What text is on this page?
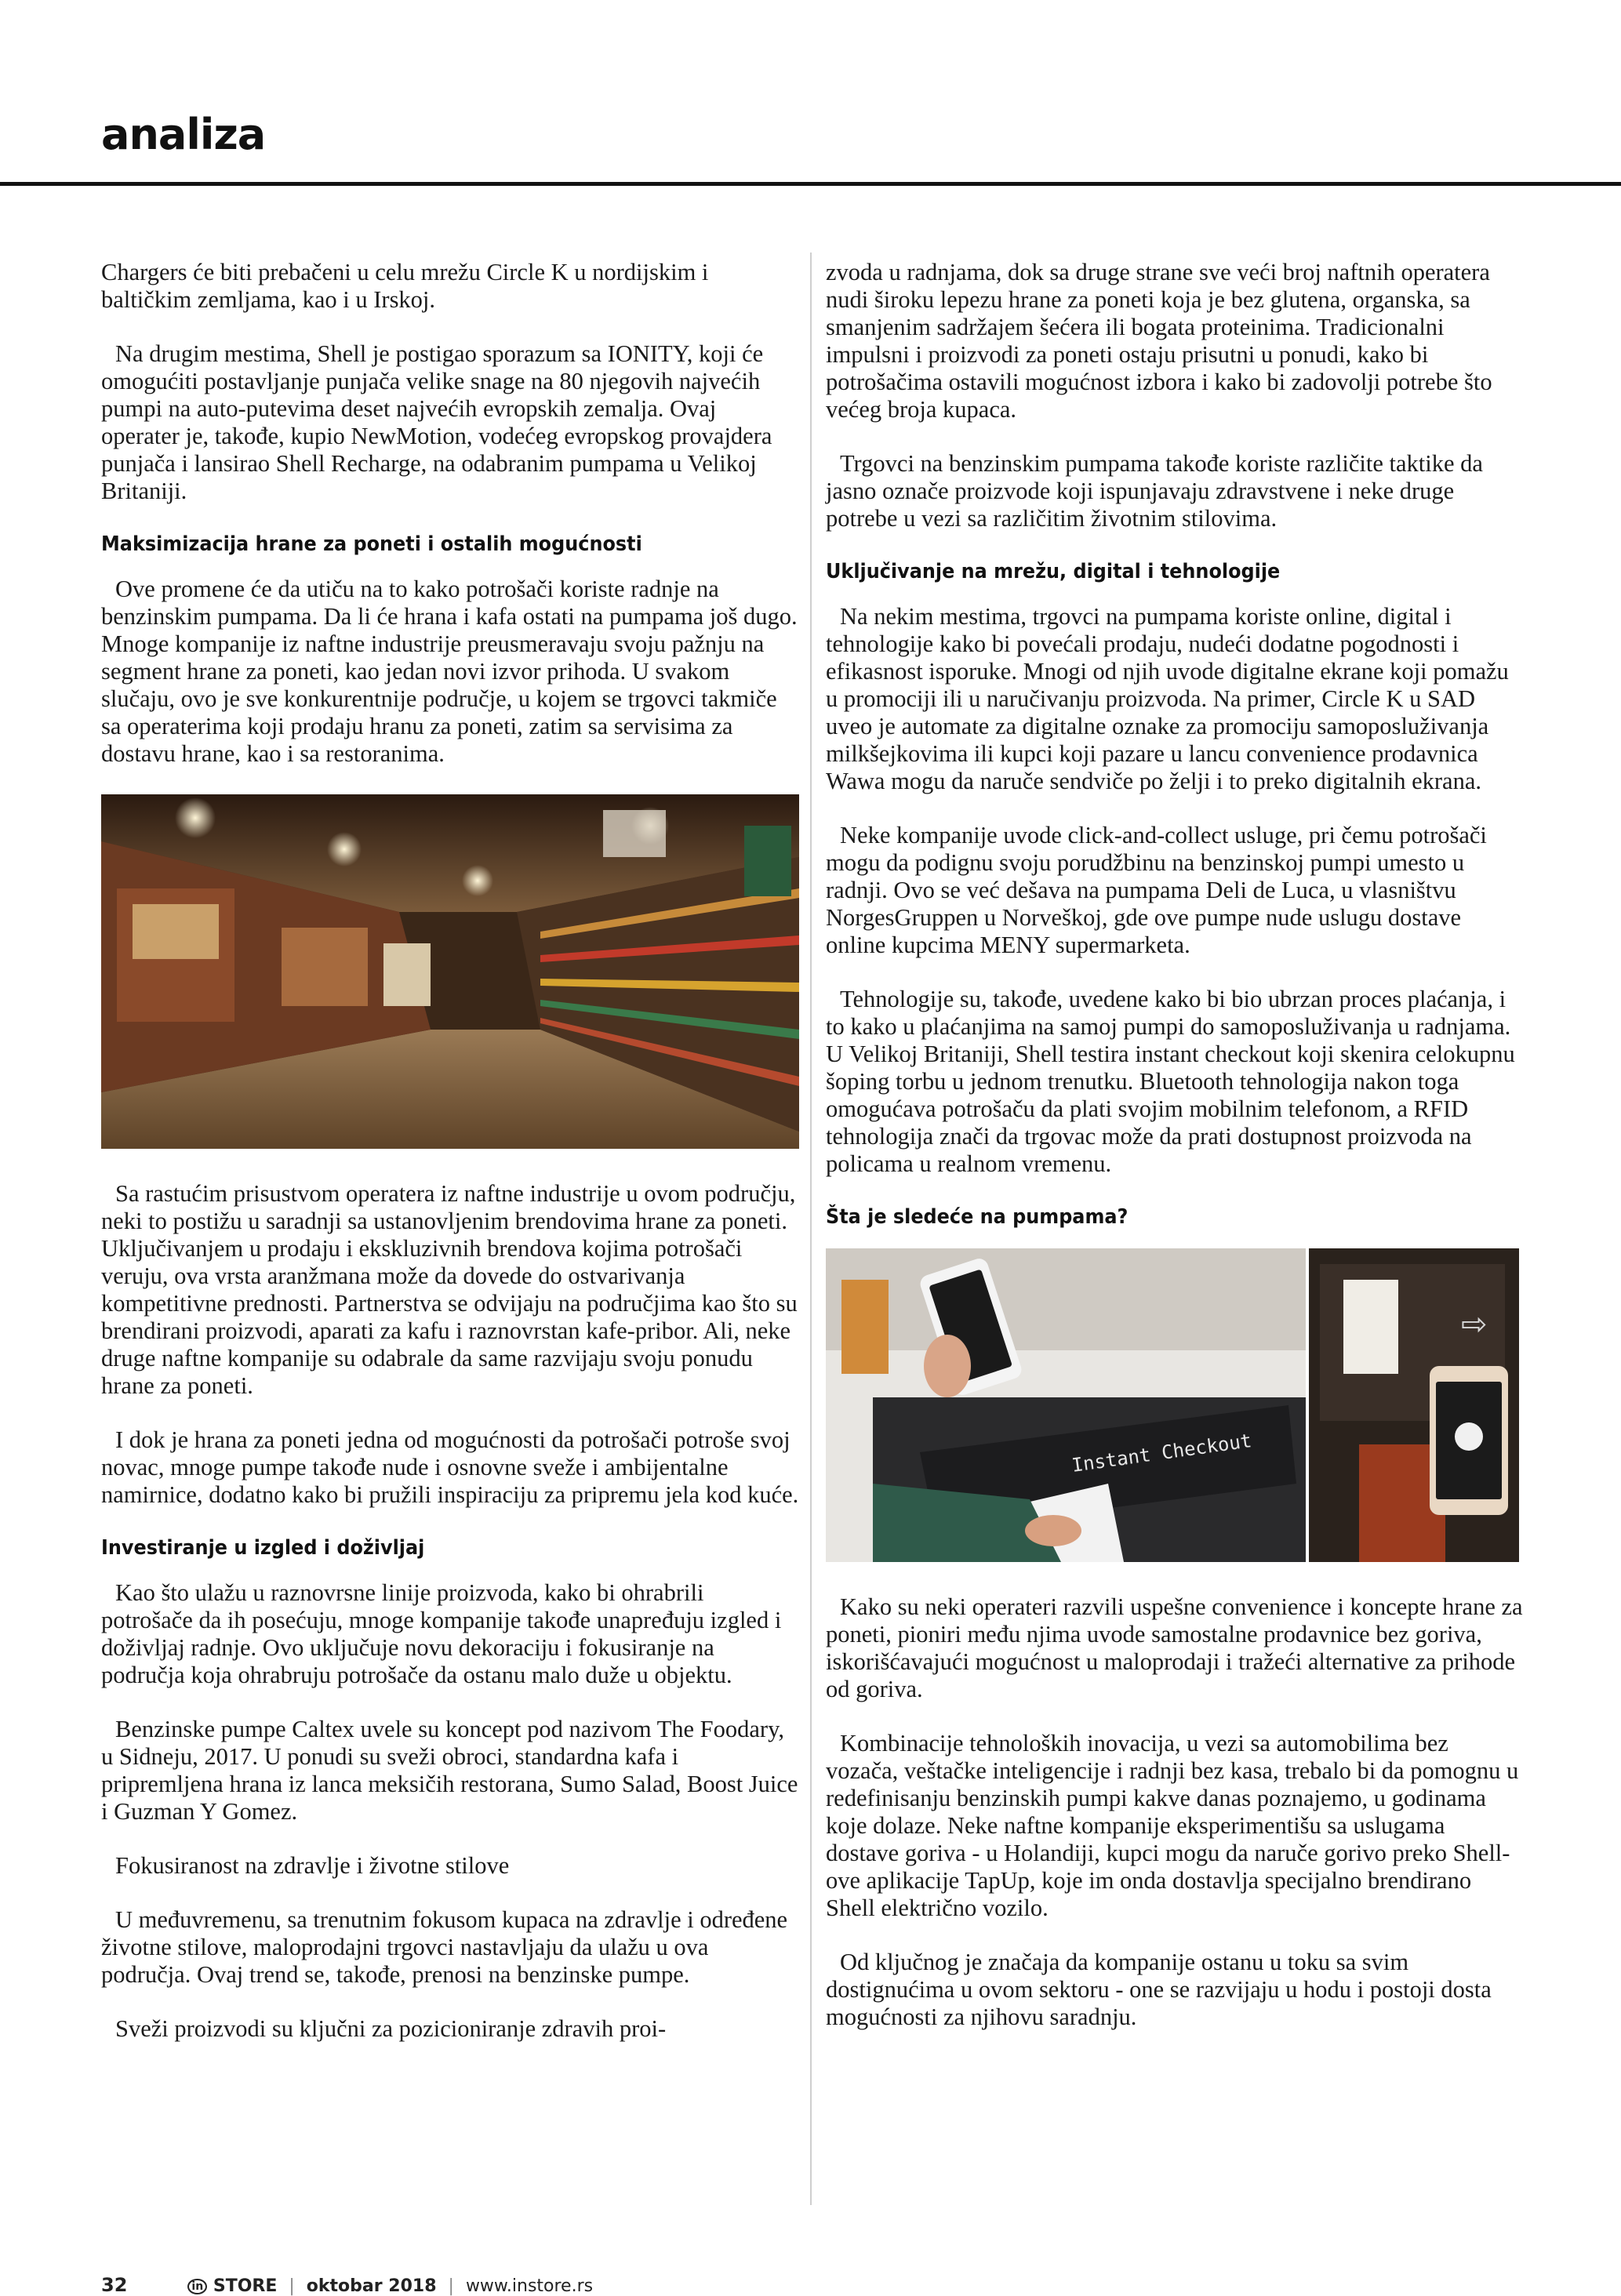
analiza

Chargers će biti prebačeni u celu mrežu Circle K u nordijskim i baltičkim zemljama, kao i u Irskoj.

Na drugim mestima, Shell je postigao sporazum sa IONITY, koji će omogućiti postavljanje punjača velike snage na 80 njegovih najvećih pumpi na auto-putevima deset najvećih evropskih zemalja. Ovaj operater je, takođe, kupio NewMotion, vodećeg evropskog provajdera punjača i lansirao Shell Recharge, na odabranim pumpama u Velikoj Britaniji.

Maksimizacija hrane za poneti i ostalih mogućnosti

Ove promene će da utiču na to kako potrošači koriste radnje na benzinskim pumpama. Da li će hrana i kafa ostati na pumpama još dugo. Mnoge kompanije iz naftne industrije preusmeravaju svoju pažnju na segment hrane za poneti, kao jedan novi izvor prihoda. U svakom slučaju, ovo je sve konkurentnije područje, u kojem se trgovci takmiče sa operaterima koji prodaju hranu za poneti, zatim sa servisima za dostavu hrane, kao i sa restoranima.

Sa rastućim prisustvom operatera iz naftne industrije u ovom području, neki to postižu u saradnji sa ustanovljenim brendovima hrane za poneti. Uključivanjem u prodaju i ekskluzivnih brendova kojima potrošači veruju, ova vrsta aranžmana može da dovede do ostvarivanja kompetitivne prednosti. Partnerstva se odvijaju na područjima kao što su brendirani proizvodi, aparati za kafu i raznovrstan kafe-pribor. Ali, neke druge naftne kompanije su odabrale da same razvijaju svoju ponudu hrane za poneti.

I dok je hrana za poneti jedna od mogućnosti da potrošači potroše svoj novac, mnoge pumpe takođe nude i osnovne sveže i ambijentalne namirnice, dodatno kako bi pružili inspiraciju za pripremu jela kod kuće.

Investiranje u izgled i doživljaj

Kao što ulažu u raznovrsne linije proizvoda, kako bi ohrabrili potrošače da ih posećuju, mnoge kompanije takođe unapređuju izgled i doživljaj radnje. Ovo uključuje novu dekoraciju i fokusiranje na područja koja ohrabruju potrošače da ostanu malo duže u objektu.

Benzinske pumpe Caltex uvele su koncept pod nazivom The Foodary, u Sidneju, 2017. U ponudi su sveži obroci, standardna kafa i pripremljena hrana iz lanca meksičih restorana, Sumo Salad, Boost Juice i Guzman Y Gomez.

Fokusiranost na zdravlje i životne stilove

U međuvremenu, sa trenutnim fokusom kupaca na zdravlje i određene životne stilove, maloprodajni trgovci nastavljaju da ulažu u ova područja. Ovaj trend se, takođe, prenosi na benzinske pumpe.

Sveži proizvodi su ključni za pozicioniranje zdravih proi-

zvoda u radnjama, dok sa druge strane sve veći broj naftnih operatera nudi široku lepezu hrane za poneti koja je bez glutena, organska, sa smanjenim sadržajem šećera ili bogata proteinima. Tradicionalni impulsni i proizvodi za poneti ostaju prisutni u ponudi, kako bi potrošačima ostavili mogućnost izbora i kako bi zadovolji potrebe što većeg broja kupaca.

Trgovci na benzinskim pumpama takođe koriste različite taktike da jasno označe proizvode koji ispunjavaju zdravstvene i neke druge potrebe u vezi sa različitim životnim stilovima.

Uključivanje na mrežu, digital i tehnologije

Na nekim mestima, trgovci na pumpama koriste online, digital i tehnologije kako bi povećali prodaju, nudeći dodatne pogodnosti i efikasnost isporuke. Mnogi od njih uvode digitalne ekrane koji pomažu u promociji ili u naručivanju proizvoda. Na primer, Circle K u SAD uveo je automate za digitalne oznake za promociju samoposluživanja milkšejkovima ili kupci koji pazare u lancu convenience prodavnica Wawa mogu da naruče sendviče po želji i to preko digitalnih ekrana.

Neke kompanije uvode click-and-collect usluge, pri čemu potrošači mogu da podignu svoju porudžbinu na benzinskoj pumpi umesto u radnji. Ovo se već dešava na pumpama Deli de Luca, u vlasništvu NorgesGruppen u Norveškoj, gde ove pumpe nude uslugu dostave online kupcima MENY supermarketa.

Tehnologije su, takođe, uvedene kako bi bio ubrzan proces plaćanja, i to kako u plaćanjima na samoj pumpi do samoposluživanja u radnjama. U Velikoj Britaniji, Shell testira instant checkout koji skenira celokupnu šoping torbu u jednom trenutku. Bluetooth tehnologija nakon toga omogućava potrošaču da plati svojim mobilnim telefonom, a RFID tehnologija znači da trgovac može da prati dostupnost proizvoda na policama u realnom vremenu.

Šta je sledeće na pumpama?
Instant Checkout
⇨

Kako su neki operateri razvili uspešne convenience i koncepte hrane za poneti, pioniri među njima uvode samostalne prodavnice bez goriva, iskorišćavajući mogućnost u maloprodaji i tražeći alternative za prihode od goriva.

Kombinacije tehnoloških inovacija, u vezi sa automobilima bez vozača, veštačke inteligencije i radnji bez kasa, trebalo bi da pomognu u redefinisanju benzinskih pumpi kakve danas poznajemo, u godinama koje dolaze. Neke naftne kompanije eksperimentišu sa uslugama dostave goriva - u Holandiji, kupci mogu da naruče gorivo preko Shell-ove aplikacije TapUp, koje im onda dostavlja specijalno brendirano Shell električno vozilo.

Od ključnog je značaja da kompanije ostanu u toku sa svim dostignućima u ovom sektoru - one se razvijaju u hodu i postoji dosta mogućnosti za njihovu saradnju.

32	in STORE | oktobar 2018 | www.instore.rs
